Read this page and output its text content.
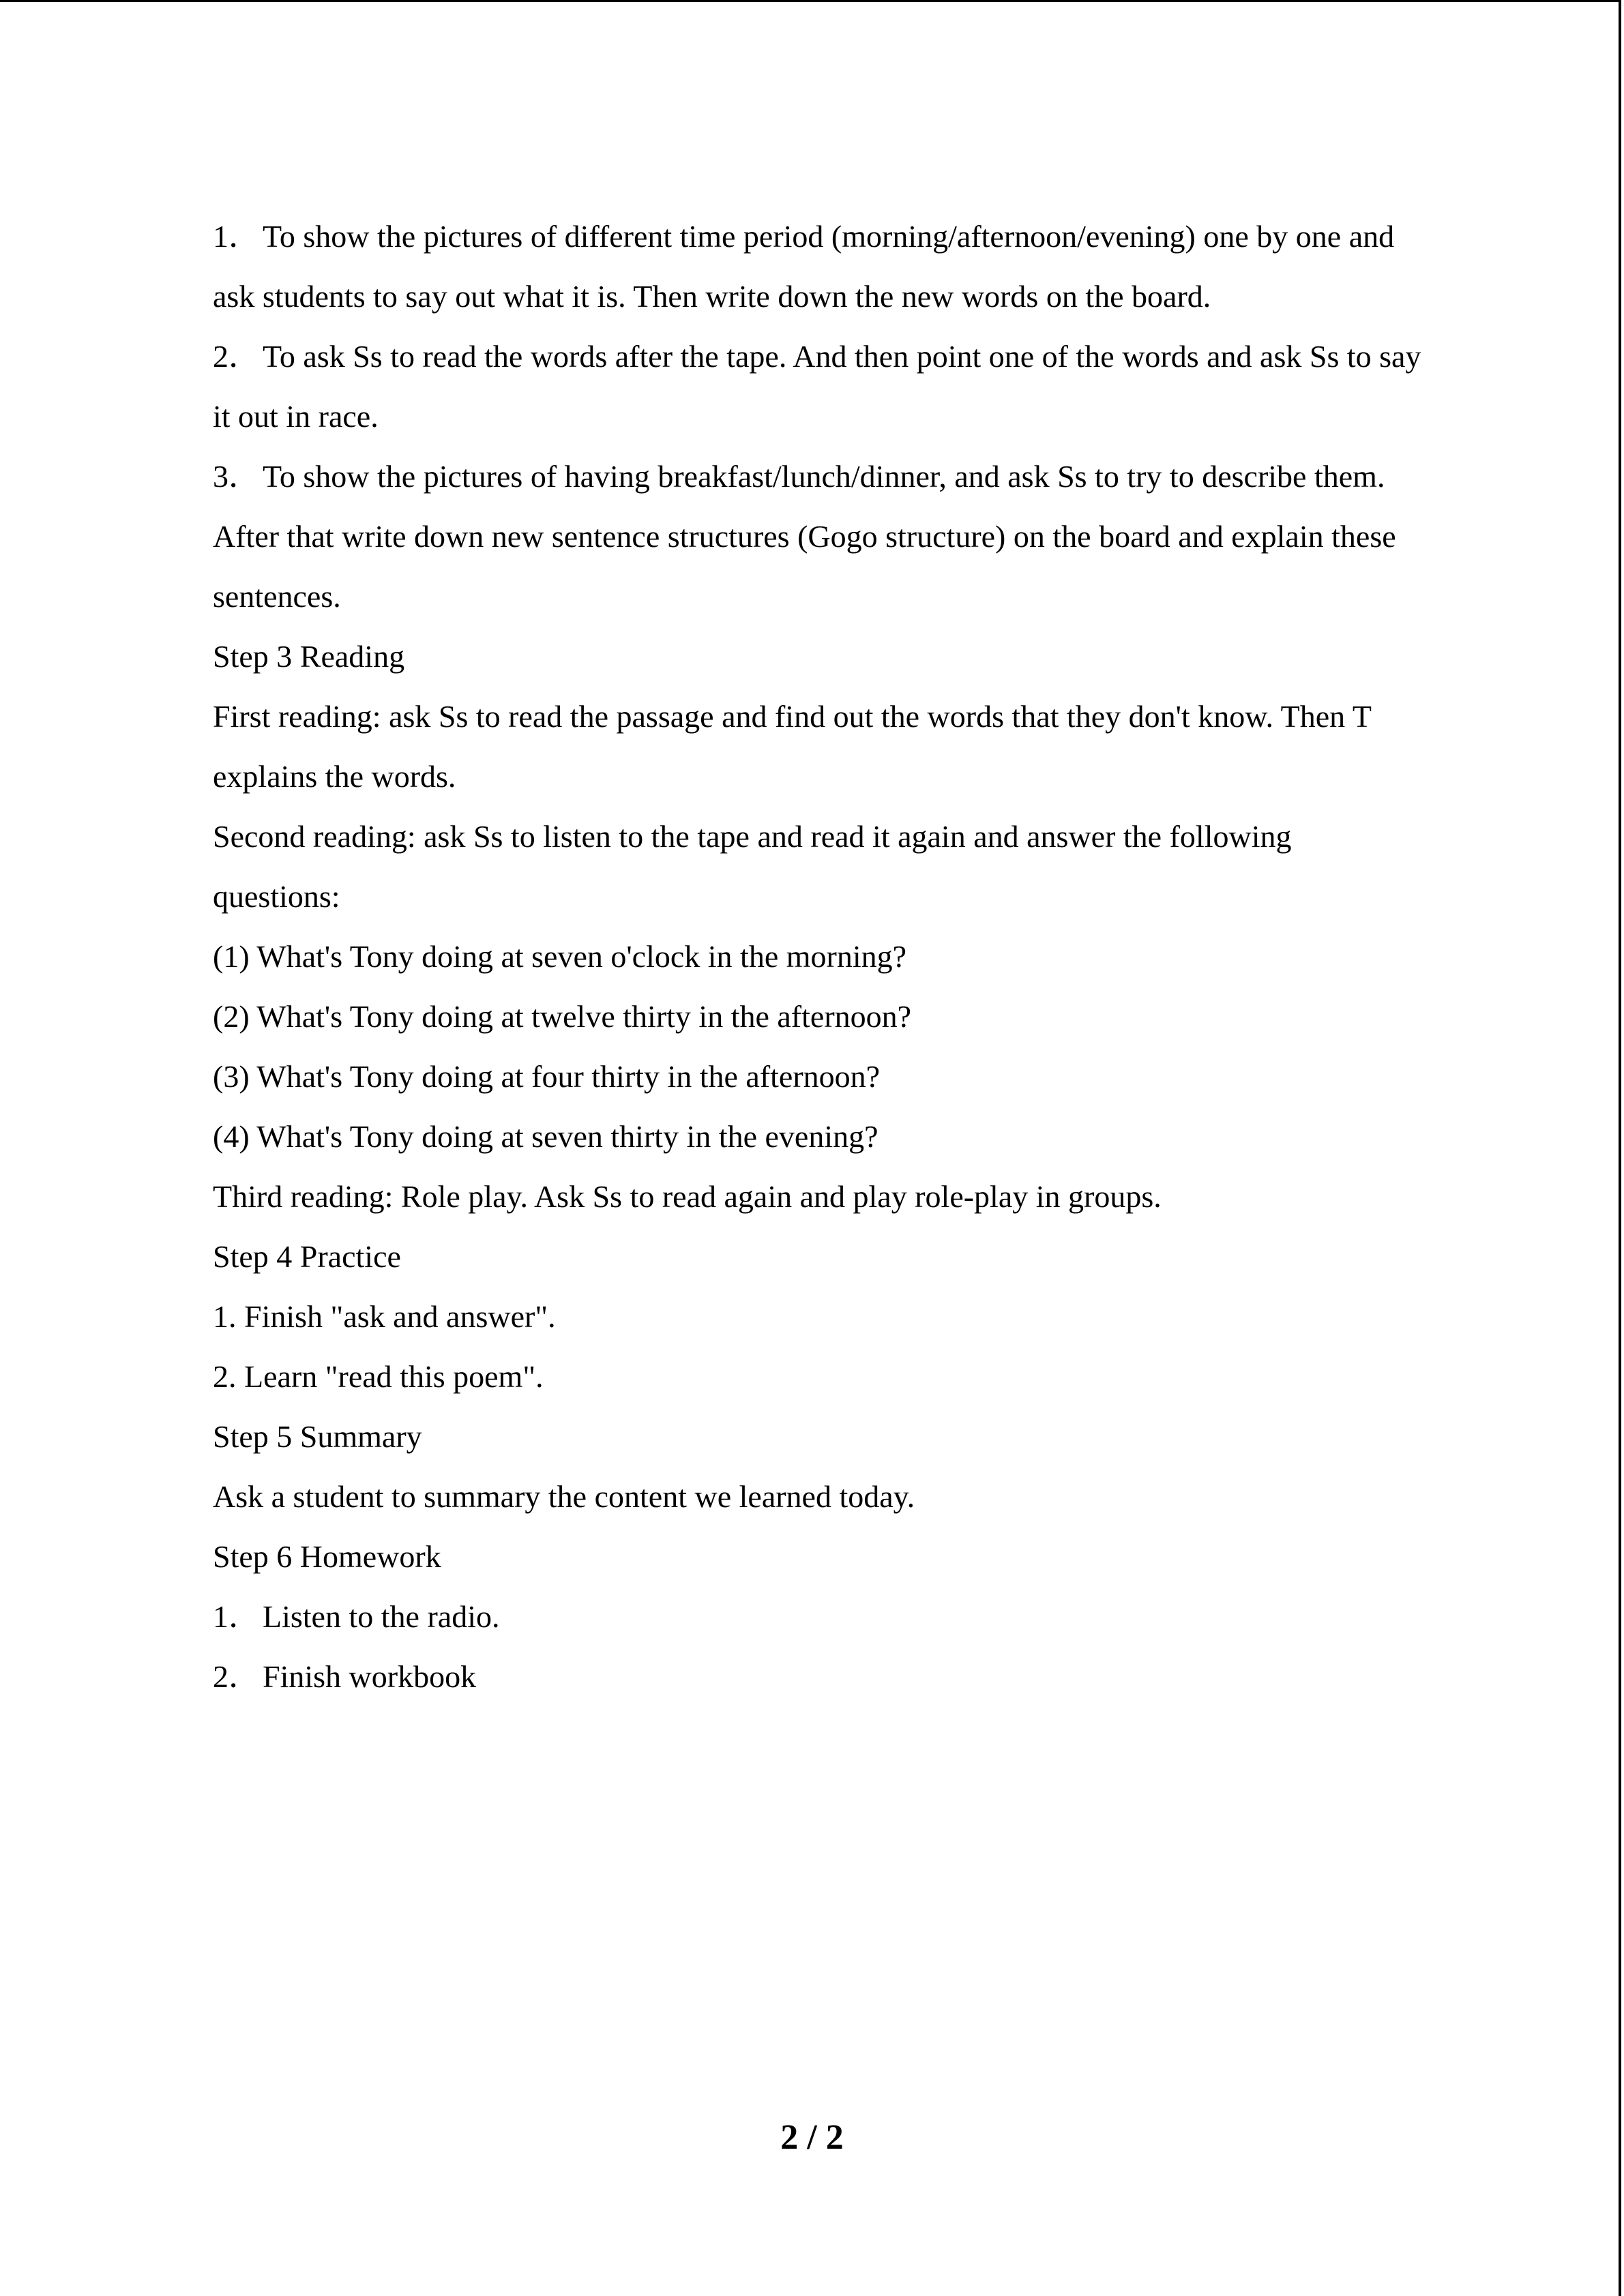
1．To show the pictures of different time period (morning/afternoon/evening) one by one and
ask students to say out what it is. Then write down the new words on the board.
2．To ask Ss to read the words after the tape. And then point one of the words and ask Ss to say
it out in race.
3．To show the pictures of having breakfast/lunch/dinner, and ask Ss to try to describe them.
After that write down new sentence structures (Gogo structure) on the board and explain these
sentences.
Step 3 Reading
First reading: ask Ss to read the passage and find out the words that they don't know. Then T
explains the words.
Second reading: ask Ss to listen to the tape and read it again and answer the following
questions:
(1) What's Tony doing at seven o'clock in the morning?
(2) What's Tony doing at twelve thirty in the afternoon?
(3) What's Tony doing at four thirty in the afternoon?
(4) What's Tony doing at seven thirty in the evening?
Third reading: Role play. Ask Ss to read again and play role-play in groups.
Step 4 Practice
1. Finish "ask and answer".
2. Learn "read this poem".
Step 5 Summary
Ask a student to summary the content we learned today.
Step 6 Homework
1．Listen to the radio.
2．Finish workbook
2 / 2
